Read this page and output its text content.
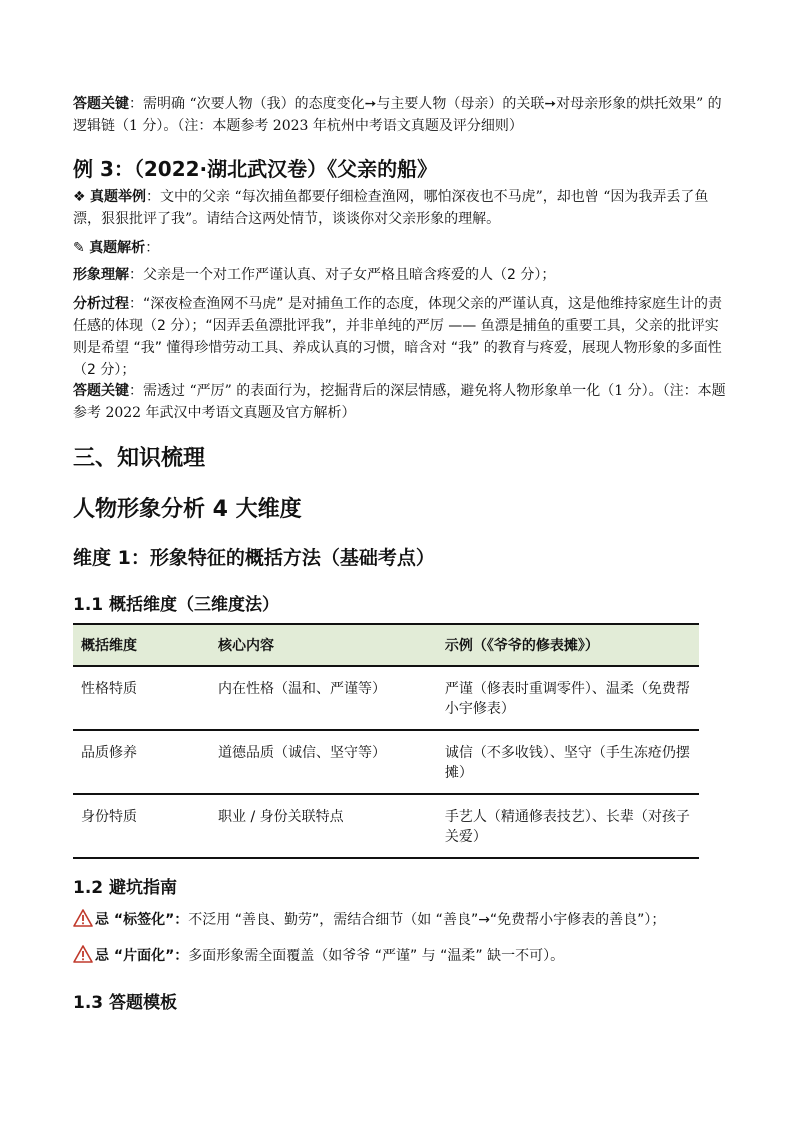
答题关键：需明确 “次要人物（我）的态度变化➙与主要人物（母亲）的关联➙对母亲形象的烘托效果” 的逻辑链（1 分）。（注：本题参考 2023 年杭州中考语文真题及评分细则）

例 3：（2022·湖北武汉卷）《父亲的船》

❖ 真题举例：文中的父亲 “每次捕鱼都要仔细检查渔网，哪怕深夜也不马虎”，却也曾 “因为我弄丢了鱼漂，狠狠批评了我”。请结合这两处情节，谈谈你对父亲形象的理解。

✎ 真题解析：

形象理解：父亲是一个对工作严谨认真、对子女严格且暗含疼爱的人（2 分）；

分析过程：“深夜检查渔网不马虎” 是对捕鱼工作的态度，体现父亲的严谨认真，这是他维持家庭生计的责任感的体现（2 分）；“因弄丢鱼漂批评我”，并非单纯的严厉 —— 鱼漂是捕鱼的重要工具，父亲的批评实则是希望 “我” 懂得珍惜劳动工具、养成认真的习惯，暗含对 “我” 的教育与疼爱，展现人物形象的多面性（2 分）；

答题关键：需透过 “严厉” 的表面行为，挖掘背后的深层情感，避免将人物形象单一化（1 分）。（注：本题参考 2022 年武汉中考语文真题及官方解析）

三、知识梳理

人物形象分析 4 大维度

维度 1：形象特征的概括方法（基础考点）

1.1 概括维度（三维度法）

概括维度	核心内容	示例（《爷爷的修表摊》）
性格特质	内在性格（温和、严谨等）	严谨（修表时重调零件）、温柔（免费帮小宇修表）
品质修养	道德品质（诚信、坚守等）	诚信（不多收钱）、坚守（手生冻疮仍摆摊）
身份特质	职业 / 身份关联特点	手艺人（精通修表技艺）、长辈（对孩子关爱）

1.2 避坑指南

忌 “标签化”：不泛用 “善良、勤劳”，需结合细节（如 “善良”→“免费帮小宇修表的善良”）；

忌 “片面化”：多面形象需全面覆盖（如爷爷 “严谨” 与 “温柔” 缺一不可）。

1.3 答题模板
